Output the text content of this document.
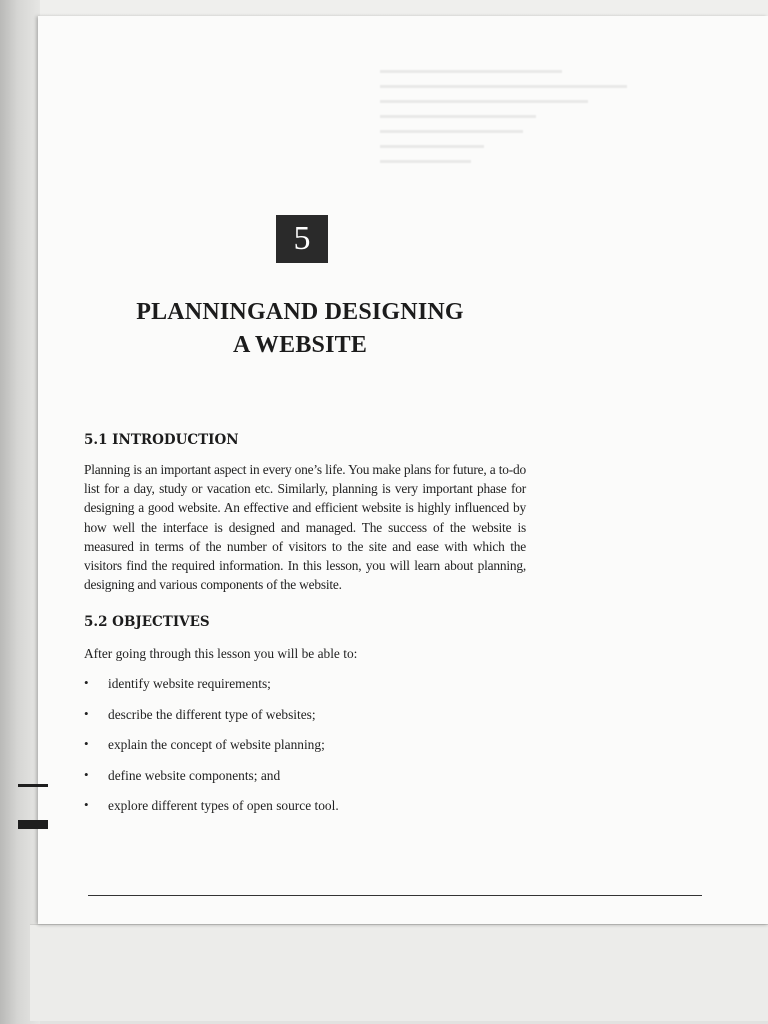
5
PLANNINGAND DESIGNING
A WEBSITE
5.1 INTRODUCTION
Planning is an important aspect in every one’s life. You make plans for future, a to-do list for a day, study or vacation etc. Similarly, planning is very important phase for designing a good website. An effective and efficient website is highly influenced by how well the interface is designed and managed. The success of the website is measured in terms of the number of visitors to the site and ease with which the visitors find the required information. In this lesson, you will learn about planning, designing and various components of the website.
5.2 OBJECTIVES
After going through this lesson you will be able to:
• identify website requirements;
• describe the different type of websites;
• explain the concept of website planning;
• define website components; and
• explore different types of open source tool.
